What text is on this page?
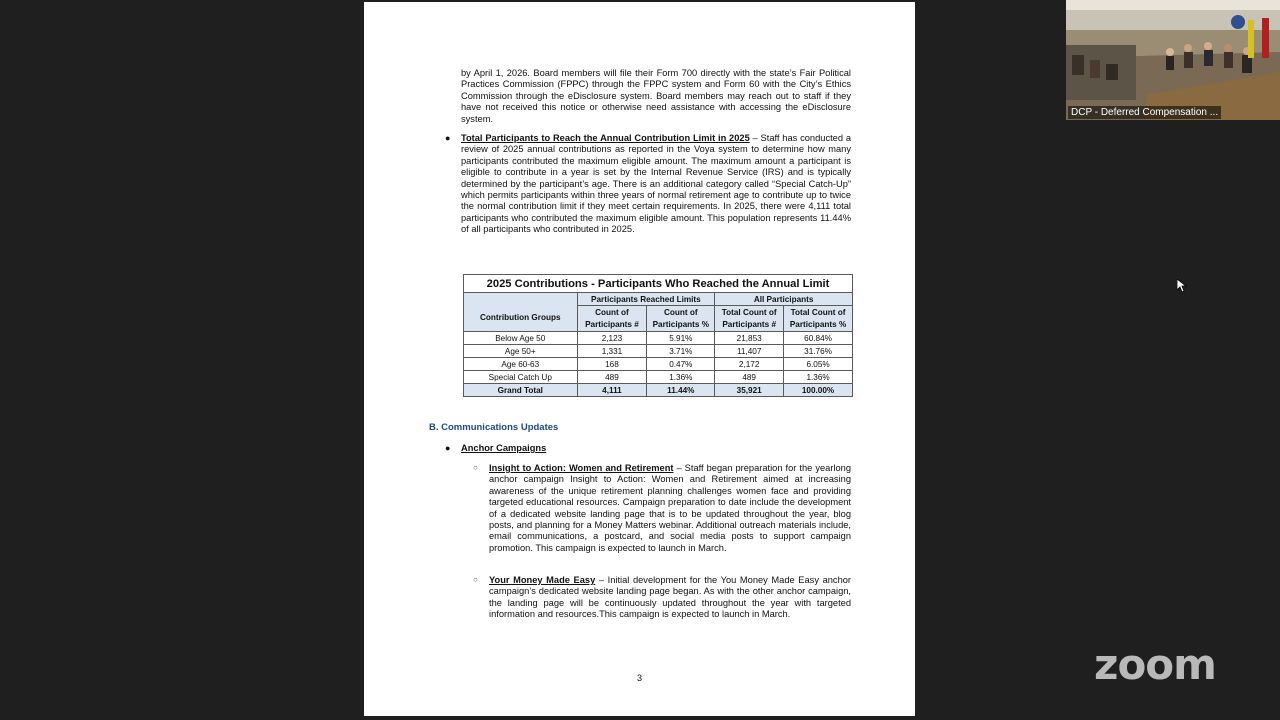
by April 1, 2026. Board members will file their Form 700 directly with the state’s Fair Political Practices Commission (FPPC) through the FPPC system and Form 60 with the City’s Ethics Commission through the eDisclosure system. Board members may reach out to staff if they have not received this notice or otherwise need assistance with accessing the eDisclosure system.

● Total Participants to Reach the Annual Contribution Limit in 2025 – Staff has conducted a review of 2025 annual contributions as reported in the Voya system to determine how many participants contributed the maximum eligible amount. The maximum amount a participant is eligible to contribute in a year is set by the Internal Revenue Service (IRS) and is typically determined by the participant’s age. There is an additional category called “Special Catch-Up” which permits participants within three years of normal retirement age to contribute up to twice the normal contribution limit if they meet certain requirements. In 2025, there were 4,111 total participants who contributed the maximum eligible amount. This population represents 11.44% of all participants who contributed in 2025.

2025 Contributions - Participants Who Reached the Annual Limit				
	Participants Reached Limits		All Participants	
Contribution Groups	Count of Participants #	Count of Participants %	Total Count of Participants #	Total Count of Participants %
Below Age 50	2,123	5.91%	21,853	60.84%
Age 50+	1,331	3.71%	11,407	31.76%
Age 60-63	168	0.47%	2,172	6.05%
Special Catch Up	489	1.36%	489	1.36%
Grand Total	4,111	11.44%	35,921	100.00%
B. Communications Updates
● Anchor Campaigns
○ Insight to Action: Women and Retirement – Staff began preparation for the yearlong anchor campaign Insight to Action: Women and Retirement aimed at increasing awareness of the unique retirement planning challenges women face and providing targeted educational resources. Campaign preparation to date include the development of a dedicated website landing page that is to be updated throughout the year, blog posts, and planning for a Money Matters webinar. Additional outreach materials include, email communications, a postcard, and social media posts to support campaign promotion. This campaign is expected to launch in March.

○ Your Money Made Easy – Initial development for the You Money Made Easy anchor campaign’s dedicated website landing page began. As with the other anchor campaign, the landing page will be continuously updated throughout the year with targeted information and resources.This campaign is expected to launch in March.

3
DCP - Deferred Compensation ...
zoom
